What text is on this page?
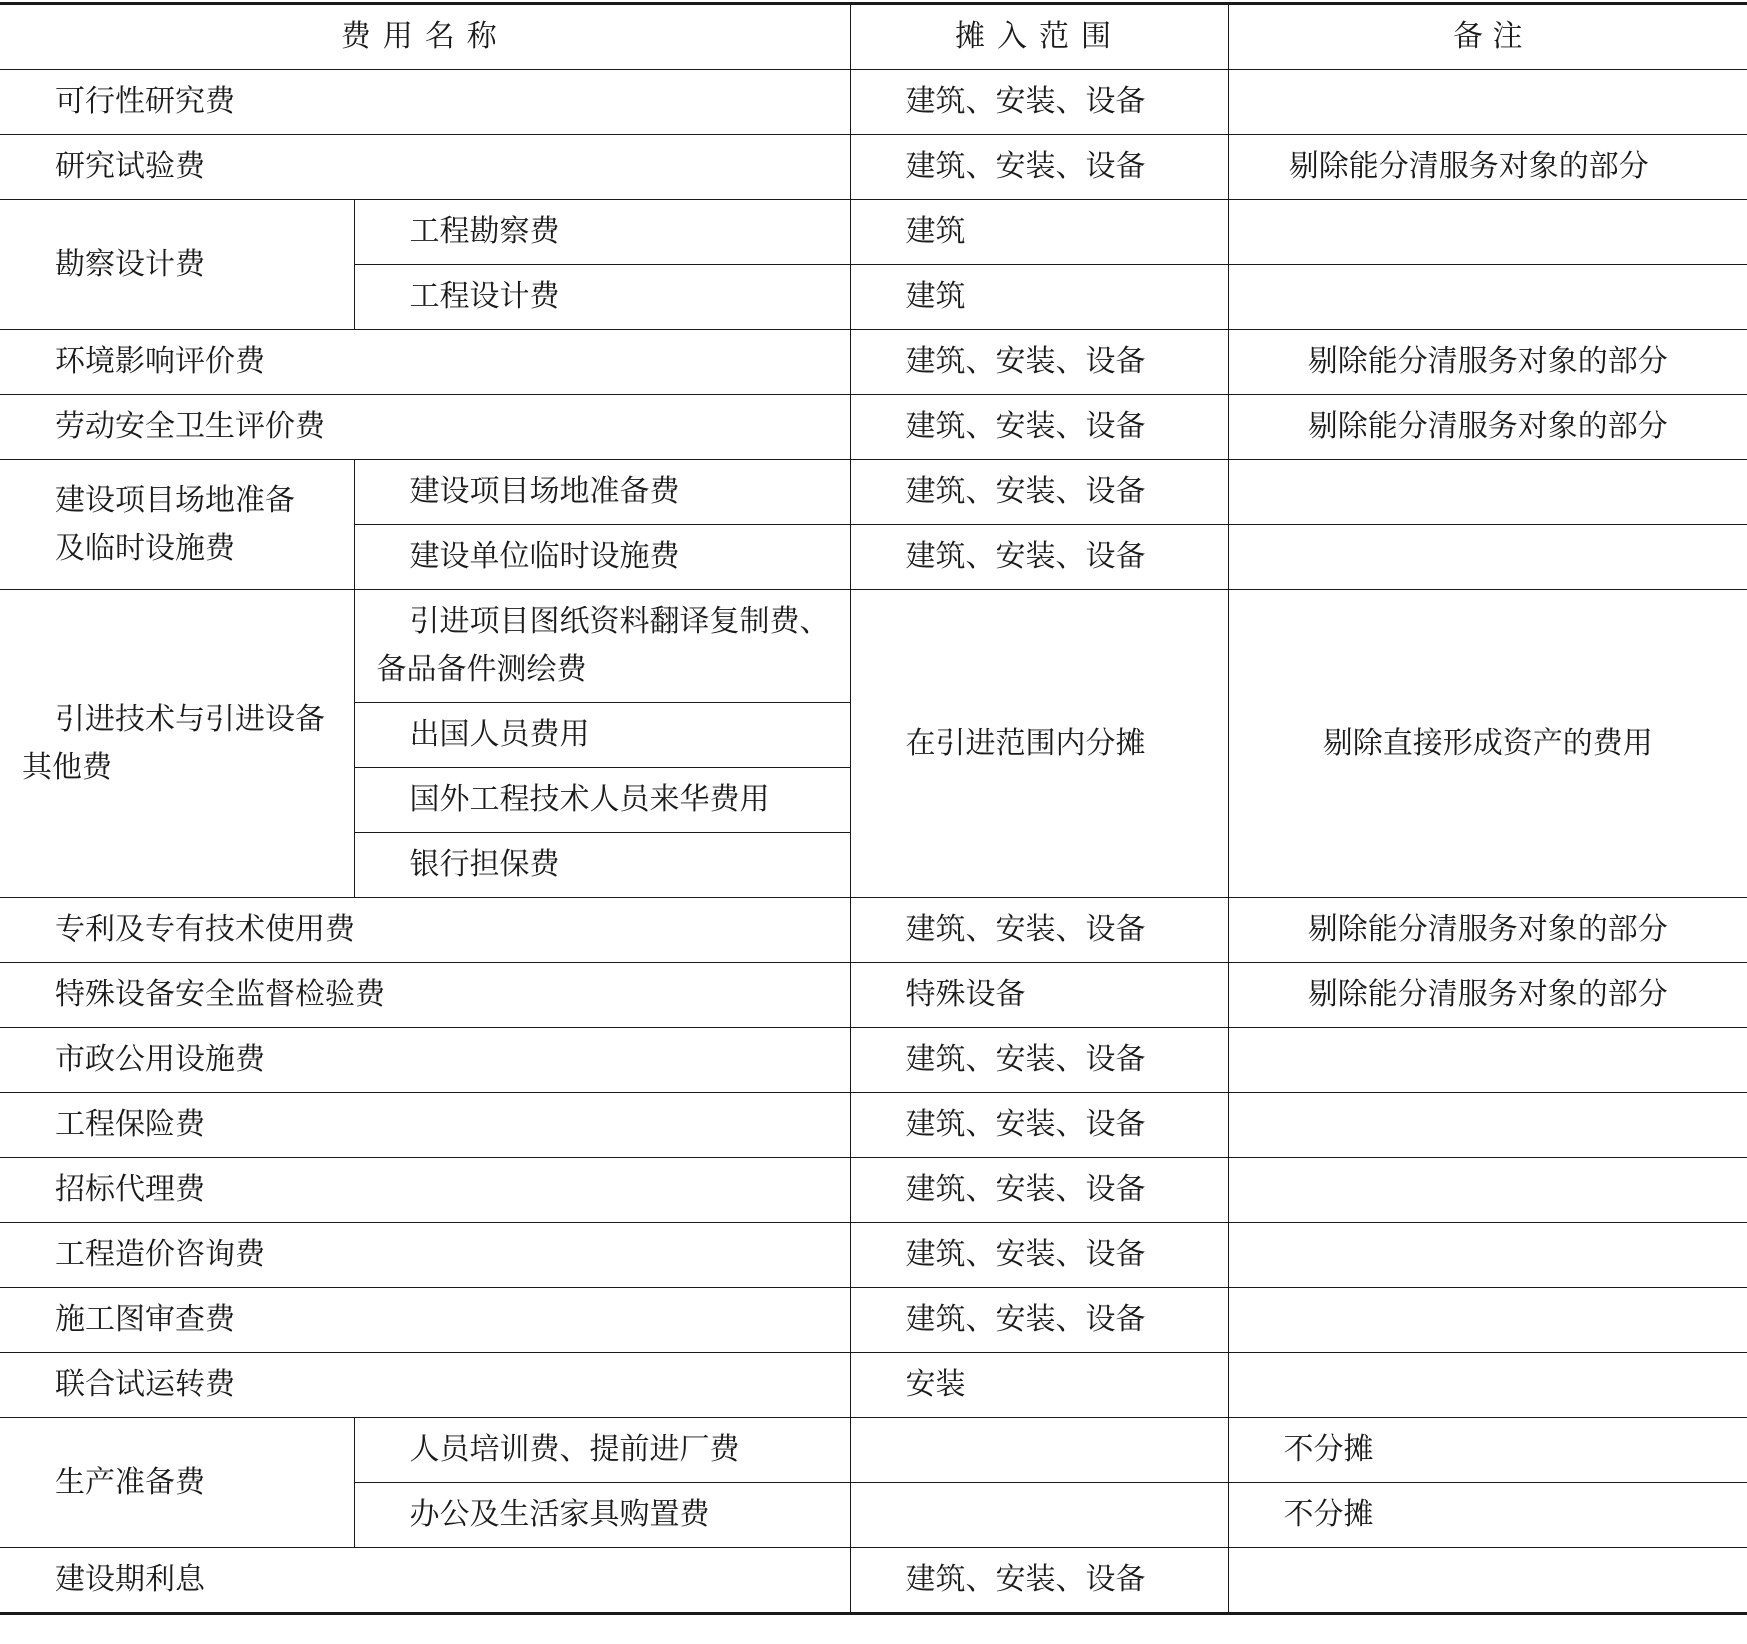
费用名称		摊入范围	备 注
可行性研究费		建筑、安装、设备	
研究试验费		建筑、安装、设备	剔除能分清服务对象的部分
勘察设计费	工程勘察费	建筑	
	工程设计费	建筑	
环境影响评价费		建筑、安装、设备	剔除能分清服务对象的部分
劳动安全卫生评价费		建筑、安装、设备	剔除能分清服务对象的部分
建设项目场地准备及临时设施费	建设项目场地准备费	建筑、安装、设备	
	建设单位临时设施费	建筑、安装、设备	
引进技术与引进设备其他费	引进项目图纸资料翻译复制费、备品备件测绘费	在引进范围内分摊	剔除直接形成资产的费用
	出国人员费用		
	国外工程技术人员来华费用		
	银行担保费		
专利及专有技术使用费		建筑、安装、设备	剔除能分清服务对象的部分
特殊设备安全监督检验费		特殊设备	剔除能分清服务对象的部分
市政公用设施费		建筑、安装、设备	
工程保险费		建筑、安装、设备	
招标代理费		建筑、安装、设备	
工程造价咨询费		建筑、安装、设备	
施工图审查费		建筑、安装、设备	
联合试运转费		安装	
生产准备费	人员培训费、提前进厂费		不分摊
	办公及生活家具购置费		不分摊
建设期利息		建筑、安装、设备	
